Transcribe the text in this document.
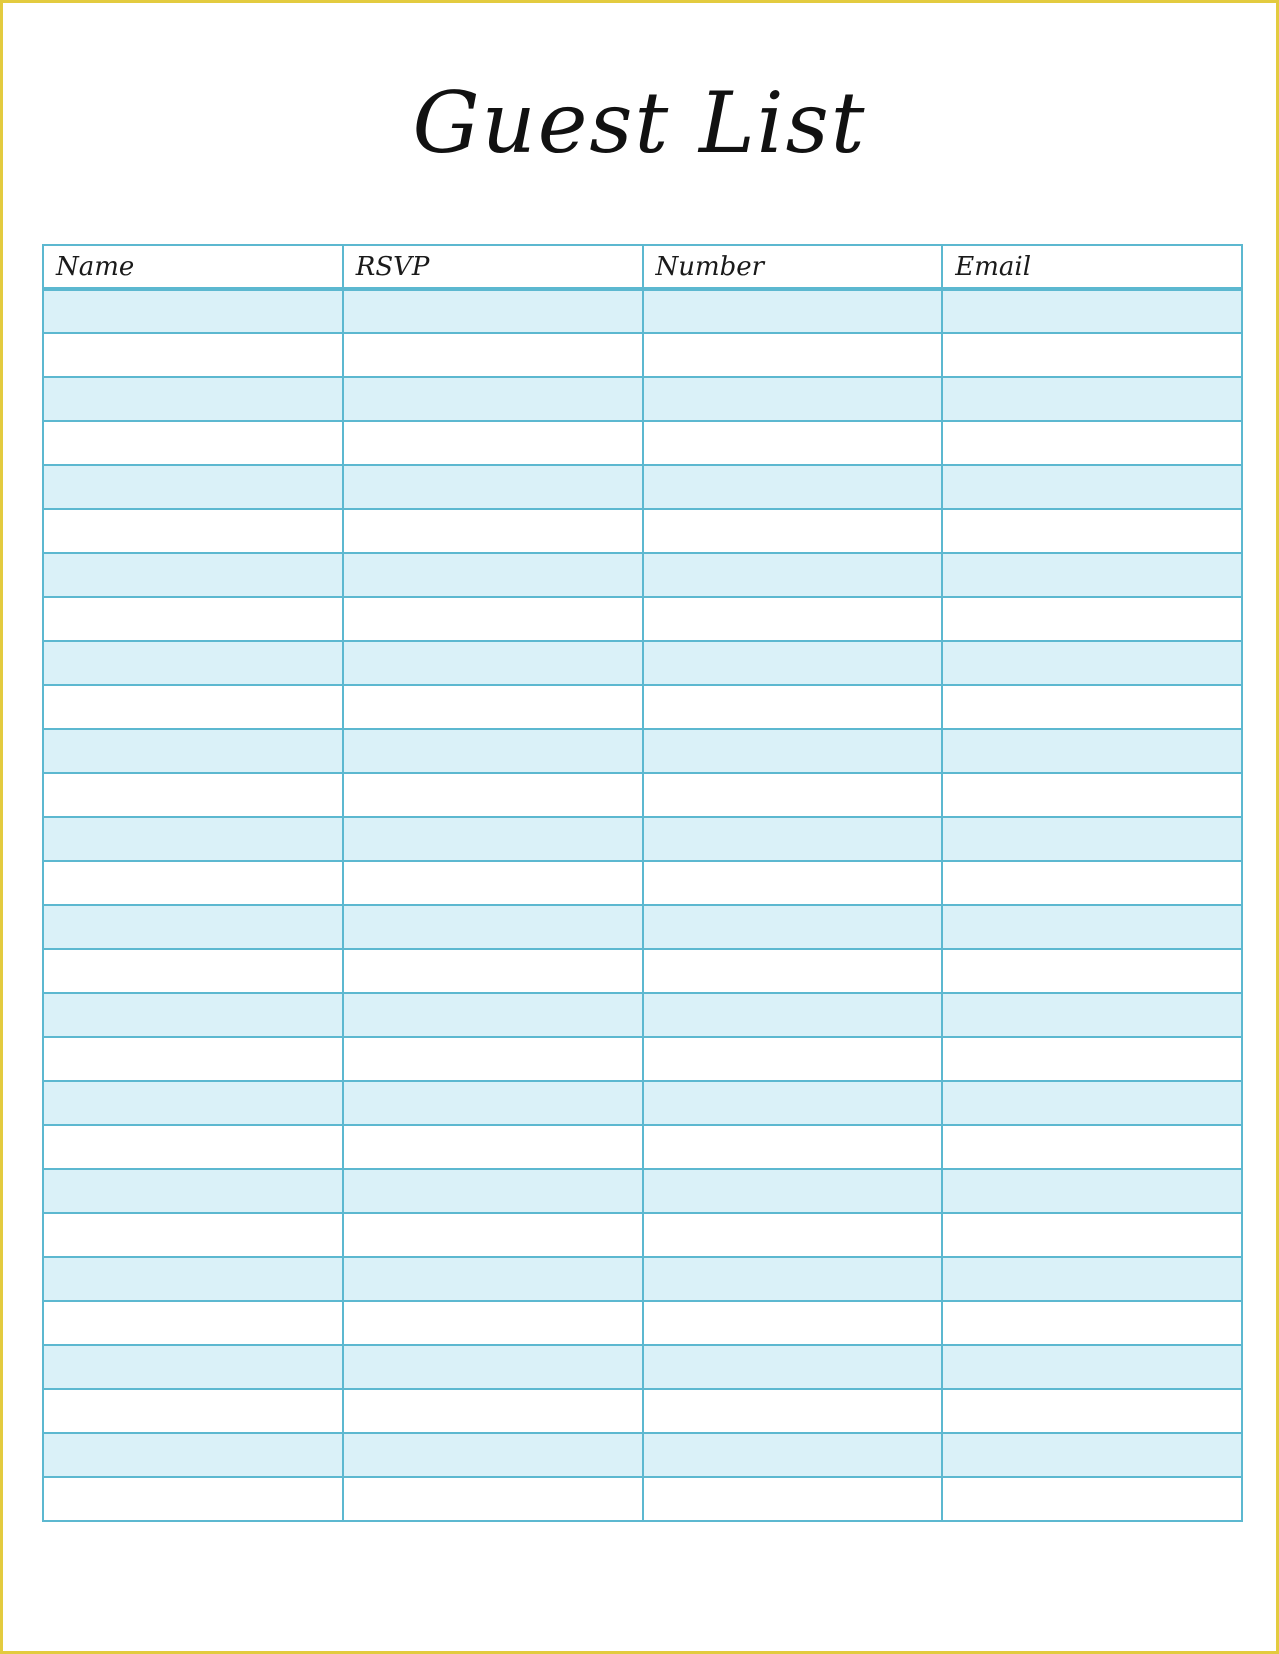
Guest List
Name	RSVP	Number	Email
